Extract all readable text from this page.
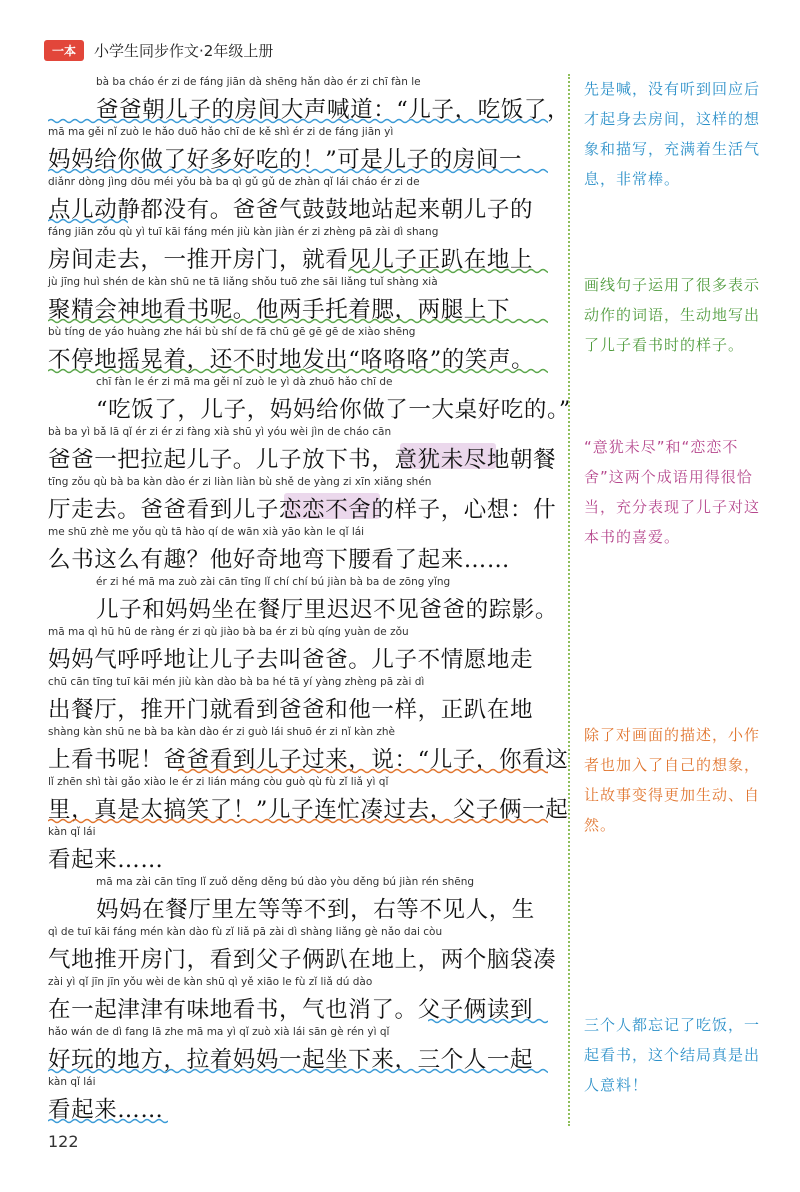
一本	小学生同步作文·2年级上册
bà ba cháo ér zi de fáng jiān dà shēng hǎn dào ér zi chī fàn le
爸爸朝儿子的房间大声喊道：“儿子，吃饭了，
mā ma gěi nǐ zuò le hǎo duō hǎo chī de kě shì ér zi de fáng jiān yì
妈妈给你做了好多好吃的！”可是儿子的房间一
diǎnr dòng jìng dōu méi yǒu bà ba qì gǔ gǔ de zhàn qǐ lái cháo ér zi de
点儿动静都没有。爸爸气鼓鼓地站起来朝儿子的
fáng jiān zǒu qù yì tuī kāi fáng mén jiù kàn jiàn ér zi zhèng pā zài dì shang
房间走去，一推开房门，就看见儿子正趴在地上
jù jīng huì shén de kàn shū ne tā liǎng shǒu tuō zhe sāi liǎng tuǐ shàng xià
聚精会神地看书呢。他两手托着腮，两腿上下
bù tíng de yáo huàng zhe hái bù shí de fā chū gē gē gē de xiào shēng
不停地摇晃着，还不时地发出“咯咯咯”的笑声。
chī fàn le ér zi mā ma gěi nǐ zuò le yì dà zhuō hǎo chī de
“吃饭了，儿子，妈妈给你做了一大桌好吃的。”
bà ba yì bǎ lā qǐ ér zi ér zi fàng xià shū yì yóu wèi jìn de cháo cān
爸爸一把拉起儿子。儿子放下书，意犹未尽地朝餐
tīng zǒu qù bà ba kàn dào ér zi liàn liàn bù shě de yàng zi xīn xiǎng shén
厅走去。爸爸看到儿子恋恋不舍的样子，心想：什
me shū zhè me yǒu qù tā hào qí de wān xià yāo kàn le qǐ lái
么书这么有趣？他好奇地弯下腰看了起来……
ér zi hé mā ma zuò zài cān tīng lǐ chí chí bú jiàn bà ba de zōng yǐng
儿子和妈妈坐在餐厅里迟迟不见爸爸的踪影。
mā ma qì hū hū de ràng ér zi qù jiào bà ba ér zi bù qíng yuàn de zǒu
妈妈气呼呼地让儿子去叫爸爸。儿子不情愿地走
chū cān tīng tuī kāi mén jiù kàn dào bà ba hé tā yí yàng zhèng pā zài dì
出餐厅，推开门就看到爸爸和他一样，正趴在地
shàng kàn shū ne bà ba kàn dào ér zi guò lái shuō ér zi nǐ kàn zhè
上看书呢！爸爸看到儿子过来，说：“儿子，你看这
lǐ zhēn shì tài gǎo xiào le ér zi lián máng còu guò qù fù zǐ liǎ yì qǐ
里，真是太搞笑了！”儿子连忙凑过去，父子俩一起
kàn qǐ lái
看起来……
mā ma zài cān tīng lǐ zuǒ děng děng bú dào yòu děng bú jiàn rén shēng
妈妈在餐厅里左等等不到，右等不见人，生
qì de tuī kāi fáng mén kàn dào fù zǐ liǎ pā zài dì shàng liǎng gè nǎo dai còu
气地推开房门，看到父子俩趴在地上，两个脑袋凑
zài yì qǐ jīn jīn yǒu wèi de kàn shū qì yě xiāo le fù zǐ liǎ dú dào
在一起津津有味地看书，气也消了。父子俩读到
hǎo wán de dì fang lā zhe mā ma yì qǐ zuò xià lái sān gè rén yì qǐ
好玩的地方，拉着妈妈一起坐下来，三个人一起
kàn qǐ lái
看起来……
先是喊，没有听到回应后才起身去房间，这样的想象和描写，充满着生活气息，非常棒。
画线句子运用了很多表示动作的词语，生动地写出了儿子看书时的样子。
“意犹未尽”和“恋恋不舍”这两个成语用得很恰当，充分表现了儿子对这本书的喜爱。
除了对画面的描述，小作者也加入了自己的想象，让故事变得更加生动、自然。
三个人都忘记了吃饭，一起看书，这个结局真是出人意料！
122
